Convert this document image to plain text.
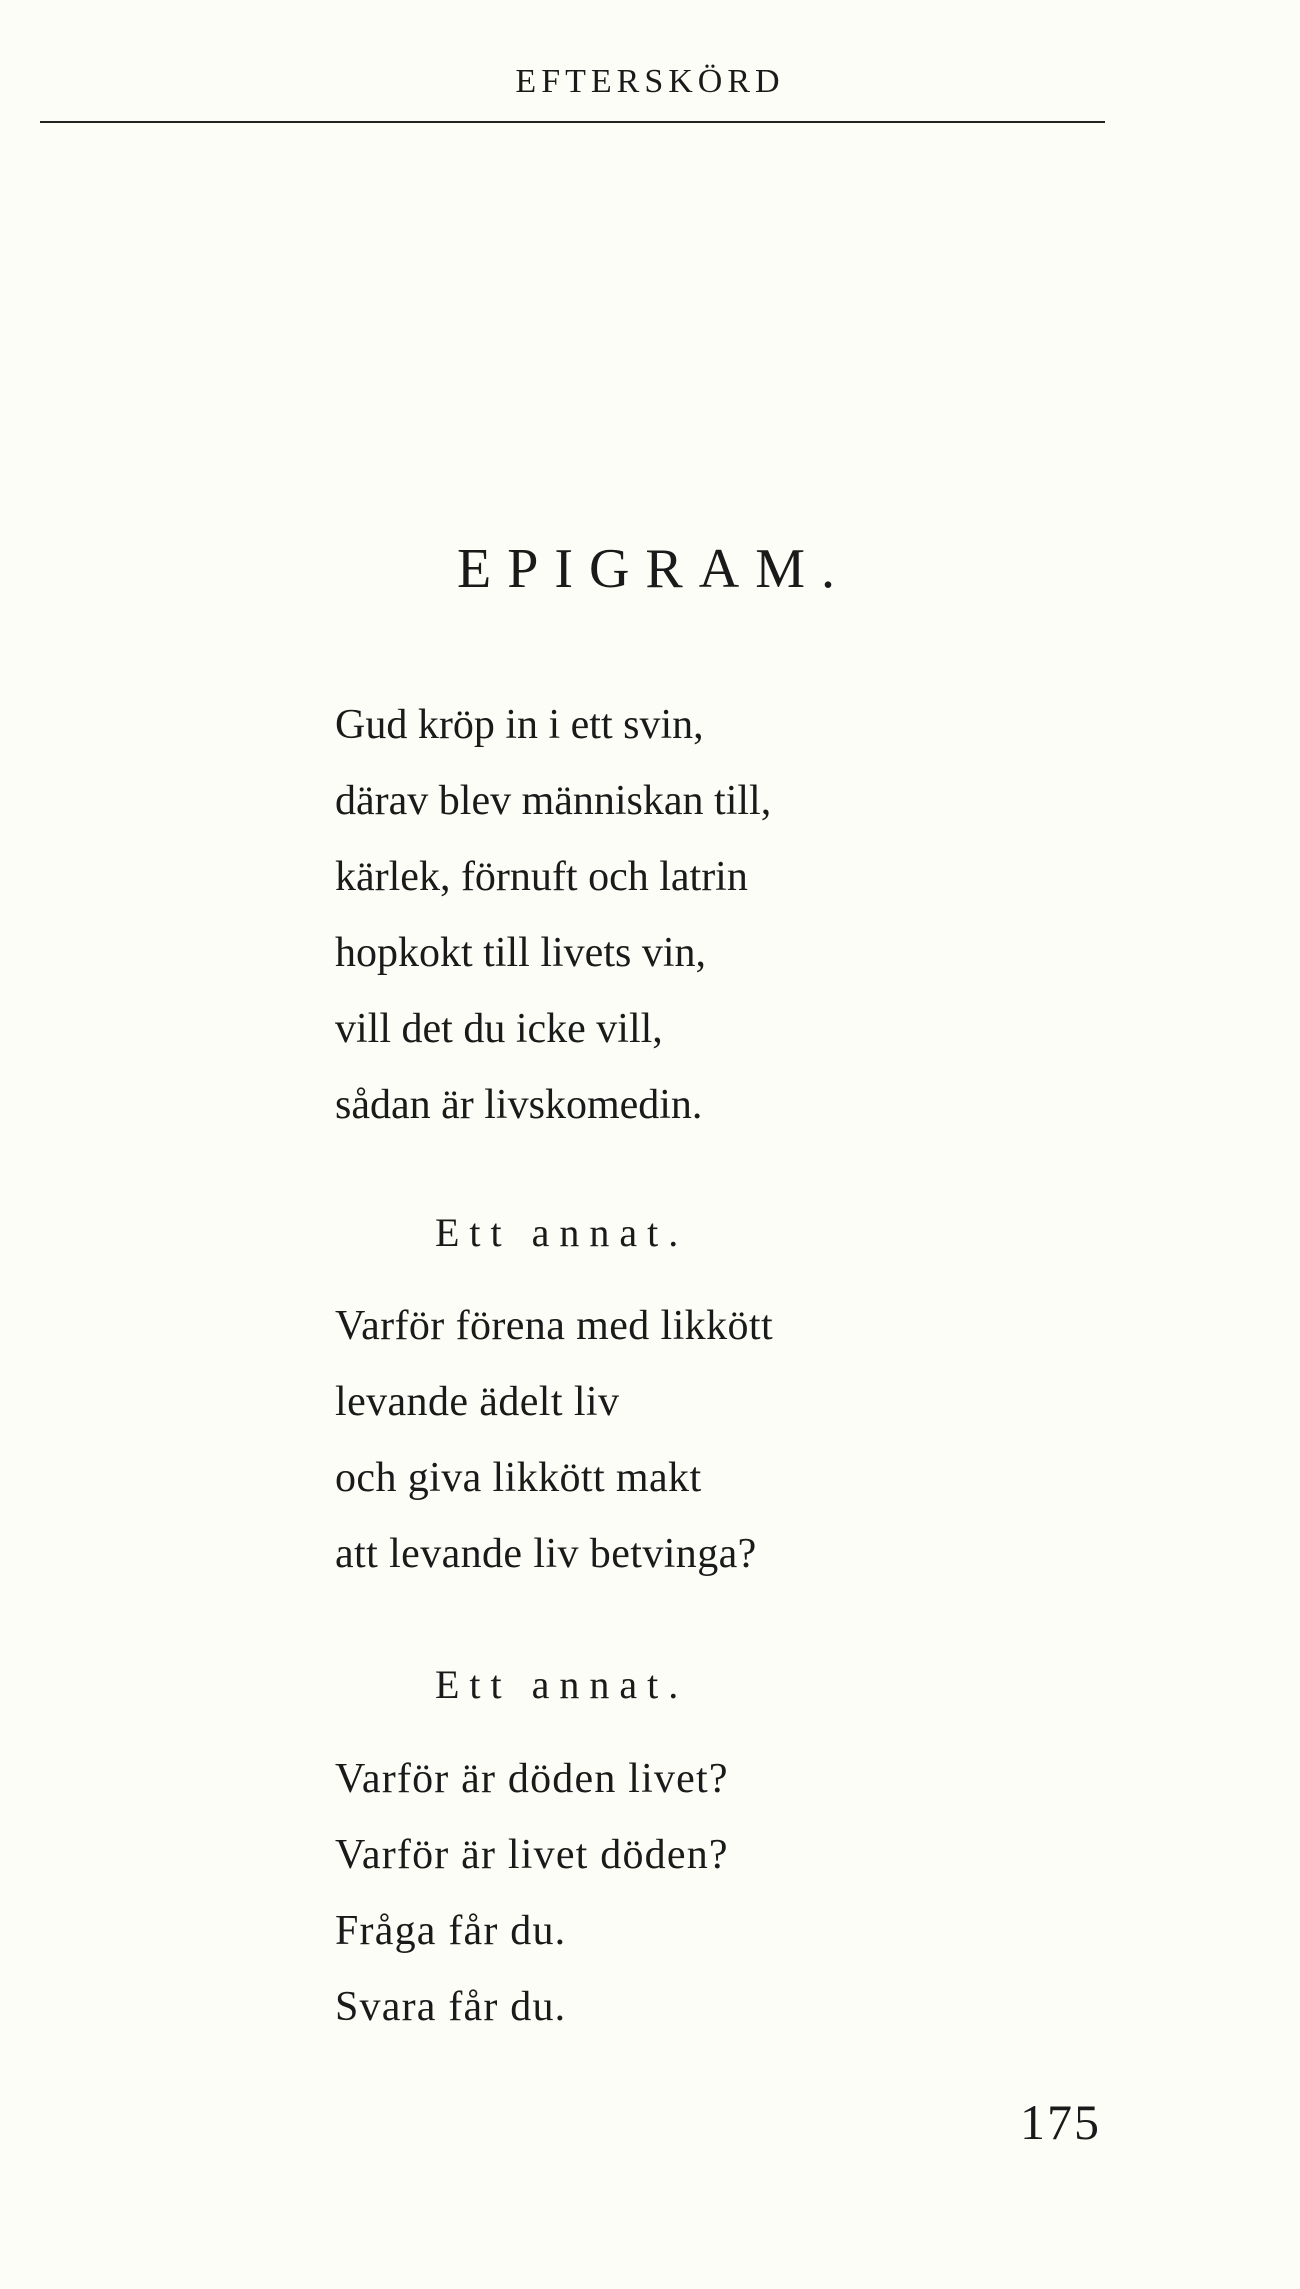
EFTERSKÖRD
EPIGRAM.
Gud kröp in i ett svin,
därav blev människan till,
kärlek, förnuft och latrin
hopkokt till livets vin,
vill det du icke vill,
sådan är livskomedin.
Ett annat.
Varför förena med likkött
levande ädelt liv
och giva likkött makt
att levande liv betvinga?
Ett annat.
Varför är döden livet?
Varför är livet döden?
Fråga får du.
Svara får du.
175
